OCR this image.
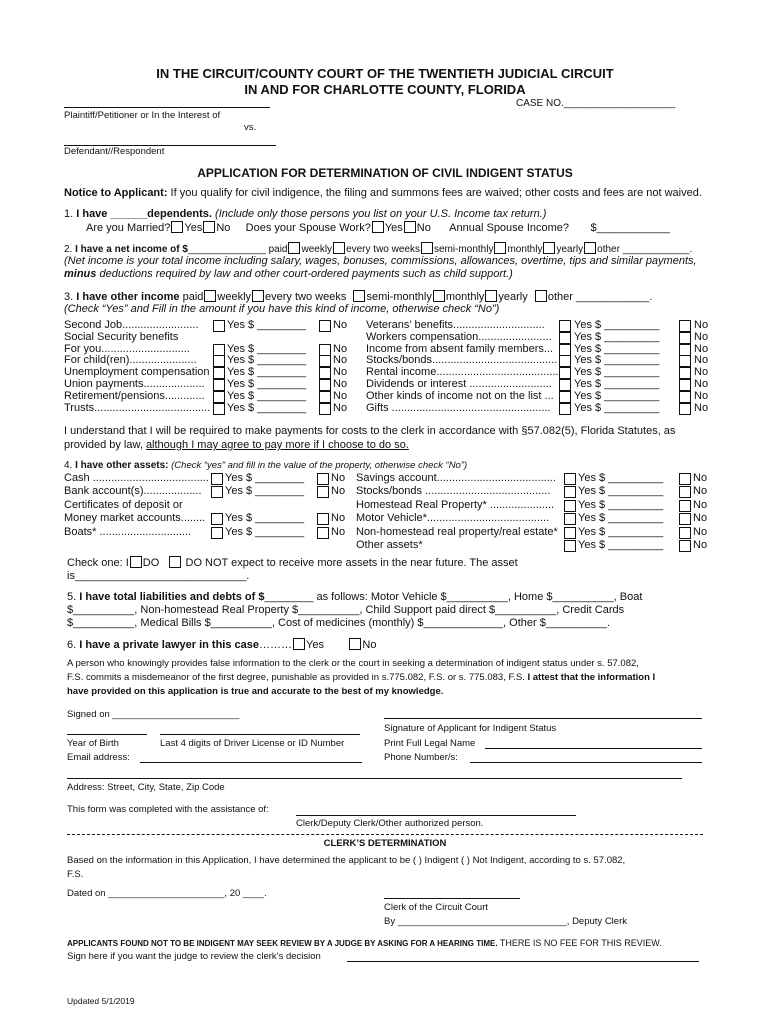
IN THE CIRCUIT/COUNTY COURT OF THE TWENTIETH JUDICIAL CIRCUIT
IN AND FOR CHARLOTTE COUNTY, FLORIDA
CASE NO.____________________
Plaintiff/Petitioner or In the Interest of
vs.
Defendant//Respondent
APPLICATION FOR DETERMINATION OF CIVIL INDIGENT STATUS
Notice to Applicant: If you qualify for civil indigence, the filing and summons fees are waived; other costs and fees are not waived.
1. I have ______dependents. (Include only those persons you list on your U.S. Income tax return.)
Are you Married? Yes No Does your Spouse Work? Yes No Annual Spouse Income? $____________
2. I have a net income of $______________ paid weekly every two weeks semi-monthly monthly yearly other ____________.
(Net income is your total income including salary, wages, bonuses, commissions, allowances, overtime, tips and similar payments,
minus deductions required by law and other court-ordered payments such as child support.)
3. I have other income paid weekly every two weeks semi-monthly monthly yearly other ____________.
(Check “Yes” and Fill in the amount if you have this kind of income, otherwise check “No”)
Second Job.........................	Yes $ ________ No
Social Security benefits
For you.............................	Yes $ ________ No
For child(ren)......................	Yes $ ________ No
Unemployment compensation Yes $ ________ No
Union payments.................... Yes $ ________ No
Retirement/pensions............. Yes $ ________ No
Trusts...................................... Yes $ ________ No
Veterans’ benefits..............................	Yes $ _________	No
Workers compensation........................ Yes $ _________	No
Income from absent family members... Yes $ _________	No
Stocks/bonds......................................... Yes $ _________	No
Rental income........................................ Yes $ _________	No
Dividends or interest ........................... Yes $ _________	No
Other kinds of income not on the list ... Yes $ _________	No
Gifts .................................................... Yes $ _________	No
I understand that I will be required to make payments for costs to the clerk in accordance with §57.082(5), Florida Statutes, as
provided by law, although I may agree to pay more if I choose to do so.
4. I have other assets: (Check “yes” and fill in the value of the property, otherwise check “No”)
Cash ...................................... Yes $ ________ No
Bank account(s)................... Yes $ ________ No
Certificates of deposit or
Money market accounts........ Yes $ ________ No
Boats* ..............................	Yes $ ________ No
Savings account....................................... Yes $ _________	No
Stocks/bonds .........................................	Yes $ _________	No
Homestead Real Property* ..................... Yes $ _________	No
Motor Vehicle*........................................	Yes $ _________	No
Non-homestead real property/real estate* Yes $ _________	No
Other assets*	Yes $ _________	No
Check one: I DO DO NOT expect to receive more assets in the near future. The asset
is____________________________.
5. I have total liabilities and debts of $________ as follows: Motor Vehicle $__________, Home $__________, Boat
$__________, Non-homestead Real Property $__________, Child Support paid direct $__________, Credit Cards
$__________, Medical Bills $__________, Cost of medicines (monthly) $_____________, Other $__________.
6. I have a private lawyer in this case……… Yes	No
A person who knowingly provides false information to the clerk or the court in seeking a determination of indigent status under s. 57.082,
F.S. commits a misdemeanor of the first degree, punishable as provided in s.775.082, F.S. or s. 775.083, F.S. I attest that the information I
have provided on this application is true and accurate to the best of my knowledge.
Signed on ________________________
Signature of Applicant for Indigent Status
Year of Birth	Last 4 digits of Driver License or ID Number	Print Full Legal Name
Email address:	Phone Number/s:
Address: Street, City, State, Zip Code
This form was completed with the assistance of:
Clerk/Deputy Clerk/Other authorized person.
CLERK’S DETERMINATION
Based on the information in this Application, I have determined the applicant to be ( ) Indigent ( ) Not Indigent, according to s. 57.082,
F.S.
Dated on ______________________, 20 ____.
Clerk of the Circuit Court
By ________________________________, Deputy Clerk
APPLICANTS FOUND NOT TO BE INDIGENT MAY SEEK REVIEW BY A JUDGE BY ASKING FOR A HEARING TIME. THERE IS NO FEE FOR THIS REVIEW.
Sign here if you want the judge to review the clerk’s decision
Updated 5/1/2019
